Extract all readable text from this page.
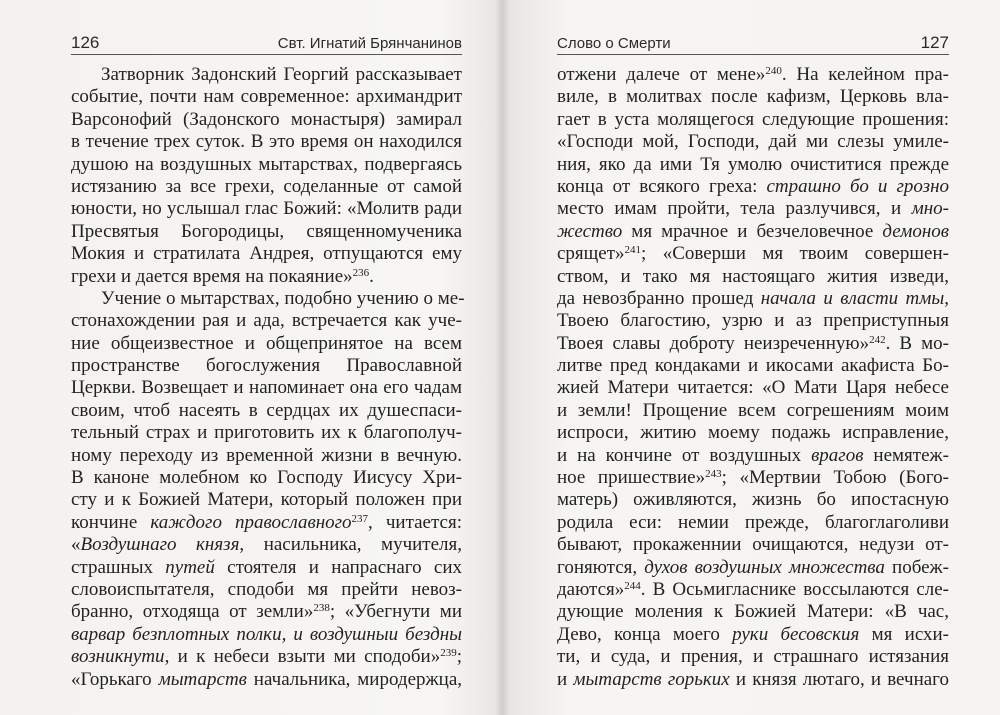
126	Свт. Игнатий Брянчанинов
Затворник Задонский Георгий рассказывает
событие, почти нам современное: архимандрит
Варсонофий (Задонского монастыря) замирал
в течение трех суток. В это время он находился
душою на воздушных мытарствах, подвергаясь
истязанию за все грехи, соделанные от самой
юности, но услышал глас Божий: «Молитв ради
Пресвятыя Богородицы, священномученика
Мокия и стратилата Андрея, отпущаются ему
грехи и дается время на покаяние»$^{236}$.
Учение о мытарствах, подобно учению о ме-
стонахождении рая и ада, встречается как уче-
ние общеизвестное и общепринятое на всем
пространстве богослужения Православной
Церкви. Возвещает и напоминает она его чадам
своим, чтоб насеять в сердцах их душеспаси-
тельный страх и приготовить их к благополуч-
ному переходу из временной жизни в вечную.
В каноне молебном ко Господу Иисусу Хри-
сту и к Божией Матери, который положен при
кончине каждого православного$^{237}$, читается:
«Воздушнаго князя, насильника, мучителя,
страшных путей стоятеля и напраснаго сих
словоиспытателя, сподоби мя прейти невоз-
бранно, отходяща от земли»$^{238}$; «Убегнути ми
варвар безплотных полки, и воздушныи бездны
возникнути, и к небеси взыти ми сподоби»$^{239}$;
«Горькаго мытарств начальника, миродержца,
Слово о Смерти	127
отжени далече от мене»$^{240}$. На келейном пра-
виле, в молитвах после кафизм, Церковь вла-
гает в уста молящегося следующие прошения:
«Господи мой, Господи, дай ми слезы умиле-
ния, яко да ими Тя умолю очиститися прежде
конца от всякого греха: страшно бо и грозно
место имам пройти, тела разлучився, и мно-
жество мя мрачное и безчеловечное демонов
срящет»$^{241}$; «Соверши мя твоим совершен-
ством, и тако мя настоящаго жития изведи,
да невозбранно прошед начала и власти тмы,
Твоею благостию, узрю и аз преприступныя
Твоея славы доброту неизреченную»$^{242}$. В мо-
литве пред кондаками и икосами акафиста Бо-
жией Матери читается: «О Мати Царя небесе
и земли! Прощение всем согрешениям моим
испроси, житию моему подажь исправление,
и на кончине от воздушных врагов немятеж-
ное пришествие»$^{243}$; «Мертвии Тобою (Бого-
матерь) оживляются, жизнь бо ипостасную
родила еси: немии прежде, благоглаголиви
бывают, прокаженнии очищаются, недузи от-
гоняются, духов воздушных множества побеж-
даются»$^{244}$. В Осьмигласнике воссылаются сле-
дующие моления к Божией Матери: «В час,
Дево, конца моего руки бесовския мя исхи-
ти, и суда, и прения, и страшнаго истязания
и мытарств горьких и князя лютаго, и вечнаго
